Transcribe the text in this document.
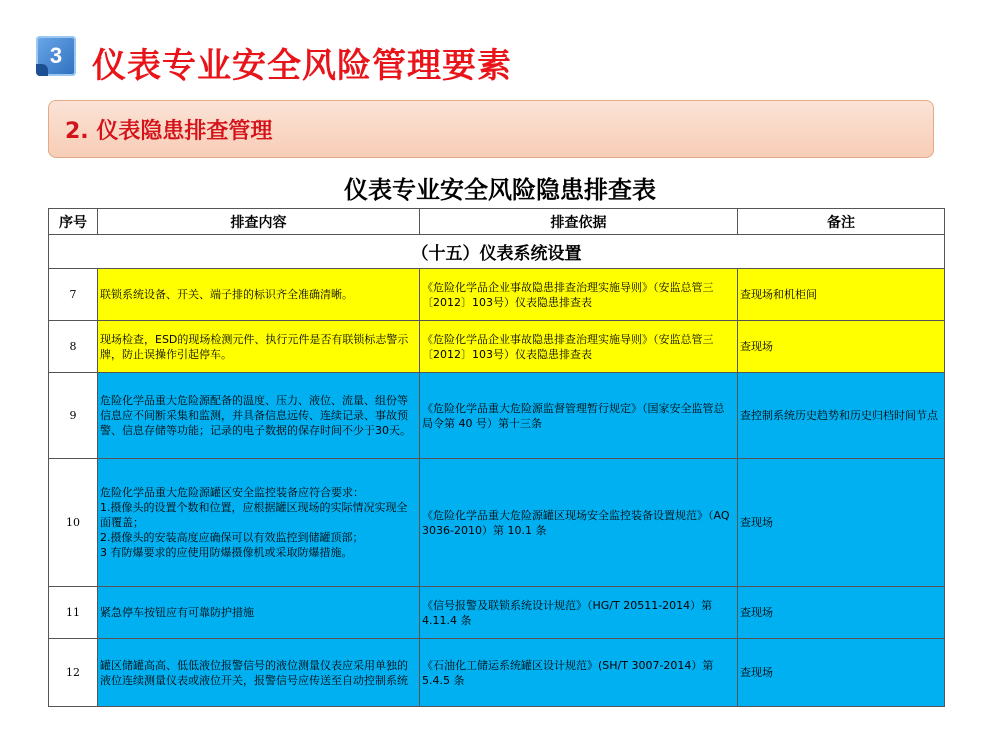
3 仪表专业安全风险管理要素
2. 仪表隐患排查管理
仪表专业安全风险隐患排查表
序号	排查内容	排查依据	备注
（十五）仪表系统设置			
7	联锁系统设备、开关、端子排的标识齐全准确清晰。	《危险化学品企业事故隐患排查治理实施导则》（安监总管三〔2012〕103号）仪表隐患排查表	查现场和机柜间
8	现场检查，ESD的现场检测元件、执行元件是否有联锁标志警示牌，防止误操作引起停车。	《危险化学品企业事故隐患排查治理实施导则》（安监总管三〔2012〕103号）仪表隐患排查表	查现场
9	危险化学品重大危险源配备的温度、压力、液位、流量、组份等信息应不间断采集和监测，并具备信息远传、连续记录、事故预警、信息存储等功能；记录的电子数据的保存时间不少于30天。	《危险化学品重大危险源监督管理暂行规定》（国家安全监管总局令第 40 号）第十三条	查控制系统历史趋势和历史归档时间节点
10	危险化学品重大危险源罐区安全监控装备应符合要求：
1.摄像头的设置个数和位置，应根据罐区现场的实际情况实现全面覆盖；
2.摄像头的安装高度应确保可以有效监控到储罐顶部；
3 有防爆要求的应使用防爆摄像机或采取防爆措施。	《危险化学品重大危险源罐区现场安全监控装备设置规范》（AQ 3036-2010）第 10.1 条	查现场
11	紧急停车按钮应有可靠防护措施	《信号报警及联锁系统设计规范》（HG/T 20511-2014）第 4.11.4 条	查现场
12	罐区储罐高高、低低液位报警信号的液位测量仪表应采用单独的液位连续测量仪表或液位开关，报警信号应传送至自动控制系统	《石油化工储运系统罐区设计规范》(SH/T 3007-2014）第 5.4.5 条	查现场
